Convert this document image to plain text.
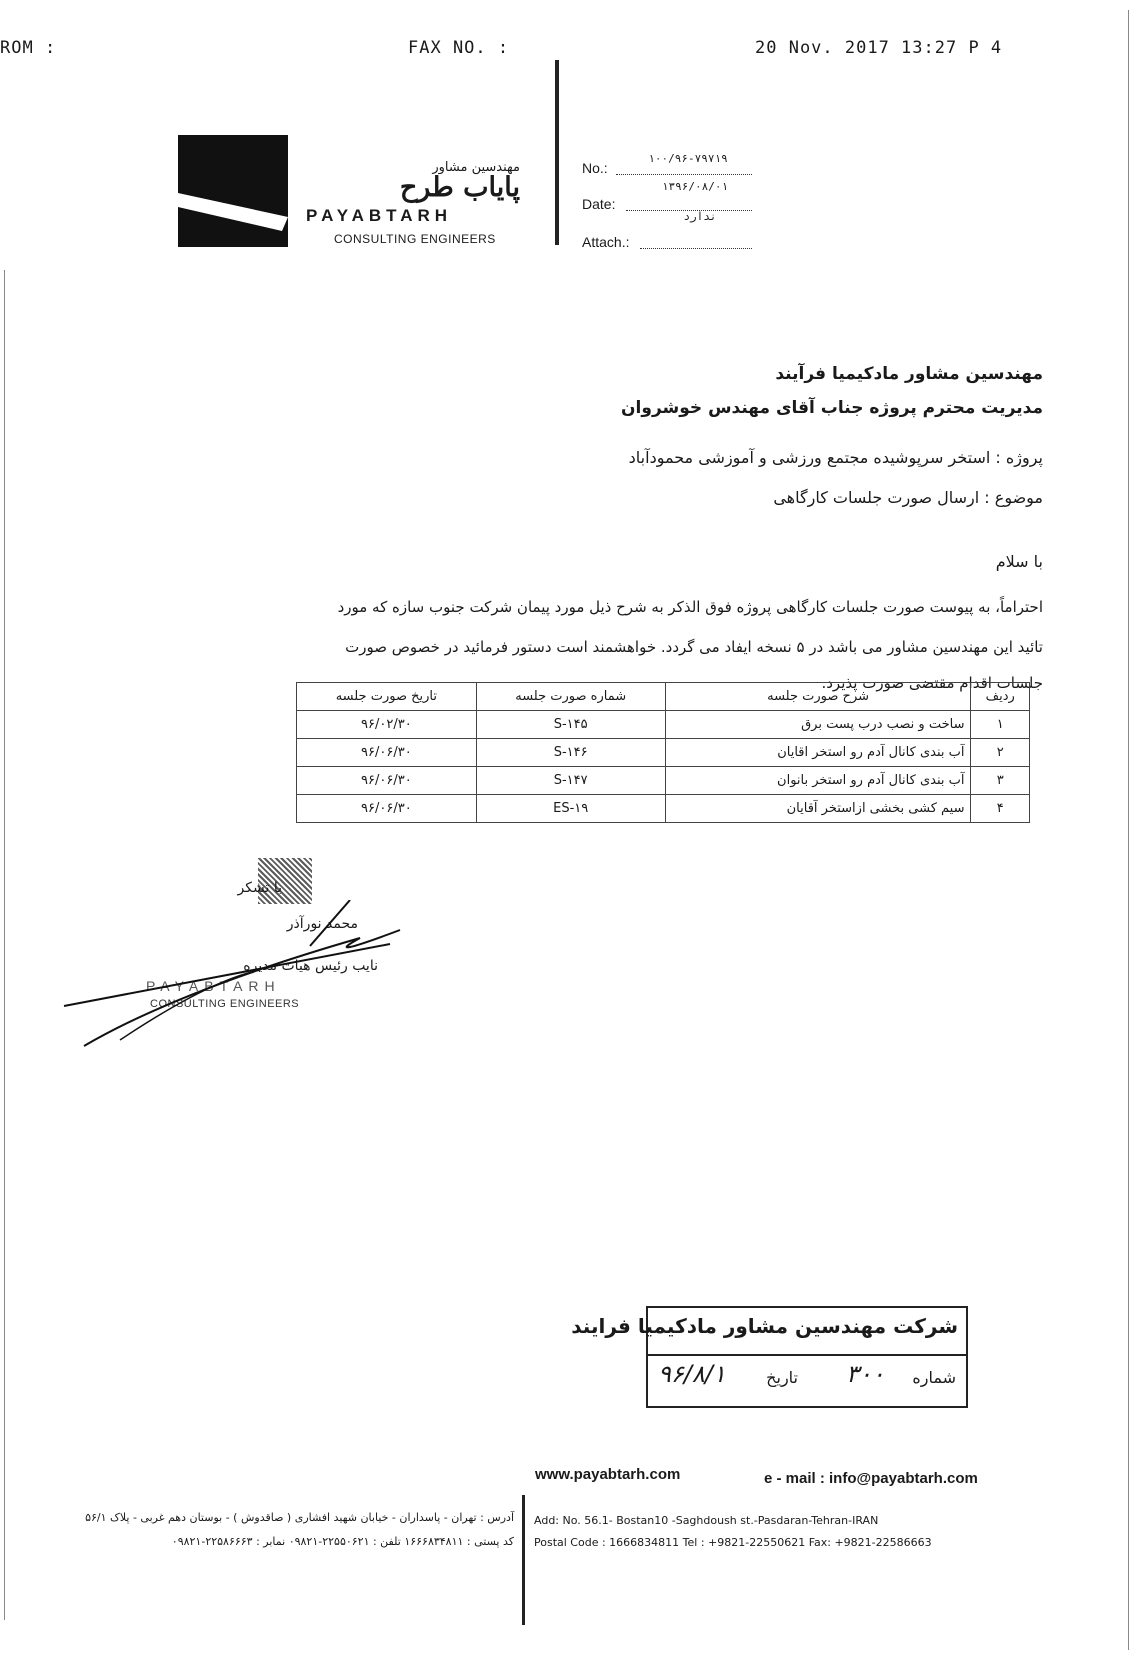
ROM :	FAX NO. :	20 Nov. 2017 13:27 P 4
مهندسین مشاور
پایاب طرح
PAYABTARH
CONSULTING ENGINEERS
No.:
۱۰۰/۹۶-۷۹۷۱۹
Date:
۱۳۹۶/۰۸/۰۱
ندارد
Attach.:
مهندسین مشاور مادکیمیا فرآیند
مدیریت محترم پروژه جناب آقای مهندس خوشروان
پروژه : استخر سرپوشیده مجتمع ورزشی و آموزشی محمودآباد
موضوع : ارسال صورت جلسات کارگاهی
با سلام
احتراماً، به پیوست صورت جلسات کارگاهی پروژه فوق الذکر به شرح ذیل مورد پیمان شرکت جنوب سازه که مورد
تائید این مهندسین مشاور می باشد در ۵ نسخه ایفاد می گردد. خواهشمند است دستور فرمائید در خصوص صورت
جلسات اقدام مقتضی صورت پذیرد.
ردیف	شرح صورت جلسه	شماره صورت جلسه	تاریخ صورت جلسه
۱	ساخت و نصب درب پست برق	S-۱۴۵	۹۶/۰۲/۳۰
۲	آب بندی کانال آدم رو استخر اقایان	S-۱۴۶	۹۶/۰۶/۳۰
۳	آب بندی کانال آدم رو استخر بانوان	S-۱۴۷	۹۶/۰۶/۳۰
۴	سیم کشی بخشی ازاستخر آقایان	ES-۱۹	۹۶/۰۶/۳۰
با تشکر
محمد نورآذر
نایب رئیس هیات مدیره
PAYABTARH
CONSULTING ENGINEERS
شرکت مهندسین مشاور مادکیمیا فرایند
شماره
۳۰۰
تاریخ
۹۶/۸/۱
www.payabtarh.com	e - mail : info@payabtarh.com
آدرس : تهران - پاسداران - خیابان شهید افشاری ( صاقدوش ) - بوستان دهم غربی - پلاک ۵۶/۱
کد پستی : ۱۶۶۶۸۳۴۸۱۱ تلفن : ۲۲۵۵۰۶۲۱-۰۹۸۲۱ نمابر : ۲۲۵۸۶۶۶۳-۰۹۸۲۱
Add: No. 56.1- Bostan10 -Saghdoush st.-Pasdaran-Tehran-IRAN
Postal Code : 1666834811 Tel : +9821-22550621 Fax: +9821-22586663
